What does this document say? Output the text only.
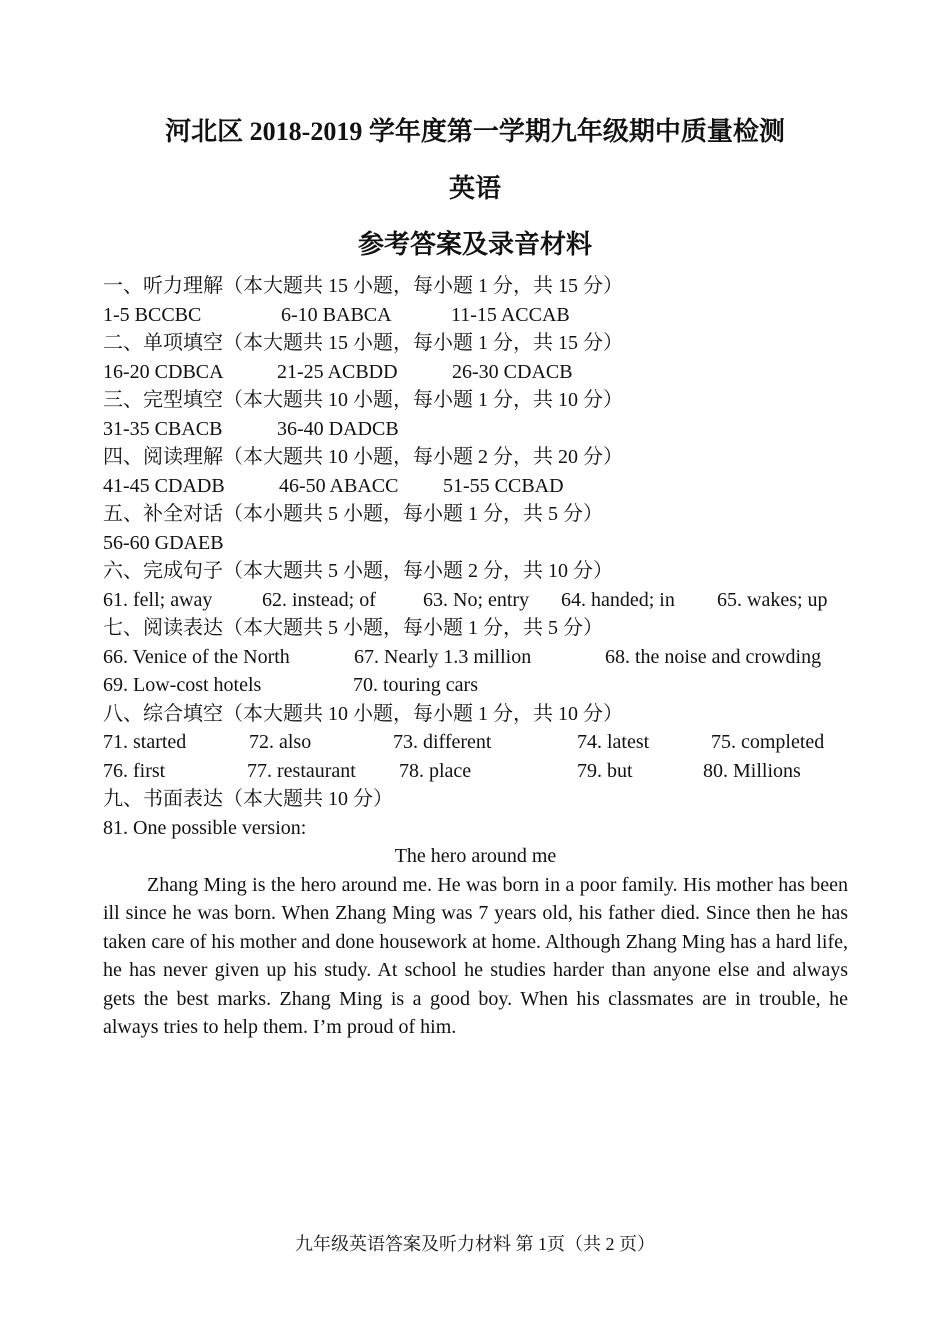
河北区 2018-2019 学年度第一学期九年级期中质量检测
英语
参考答案及录音材料
一、听力理解（本大题共 15 小题，每小题 1 分，共 15 分）
1-5 BCCBC	6-10 BABCA	11-15 ACCAB
二、单项填空（本大题共 15 小题，每小题 1 分，共 15 分）
16-20 CDBCA	21-25 ACBDD	26-30 CDACB
三、完型填空（本大题共 10 小题，每小题 1 分，共 10 分）
31-35 CBACB	36-40 DADCB
四、阅读理解（本大题共 10 小题，每小题 2 分，共 20 分）
41-45 CDADB	46-50 ABACC 51-55 CCBAD
五、补全对话（本小题共 5 小题，每小题 1 分，共 5 分）
56-60 GDAEB
六、完成句子（本大题共 5 小题，每小题 2 分，共 10 分）
61. fell; away 62. instead; of 63. No; entry 64. handed; in 65. wakes; up
七、阅读表达（本大题共 5 小题，每小题 1 分，共 5 分）
66. Venice of the North	67. Nearly 1.3 million	68. the noise and crowding
69. Low-cost hotels	70. touring cars
八、综合填空（本大题共 10 小题，每小题 1 分，共 10 分）
71. started	72. also	73. different	74. latest	75. completed
76. first	77. restaurant 78. place	79. but	80. Millions
九、书面表达（本大题共 10 分）
81. One possible version:
The hero around me
Zhang Ming is the hero around me. He was born in a poor family. His mother has been ill since he was born. When Zhang Ming was 7 years old, his father died. Since then he has taken care of his mother and done housework at home. Although Zhang Ming has a hard life, he has never given up his study. At school he studies harder than anyone else and always gets the best marks. Zhang Ming is a good boy. When his classmates are in trouble, he always tries to help them. I’m proud of him.
九年级英语答案及听力材料 第 1页（共 2 页）
